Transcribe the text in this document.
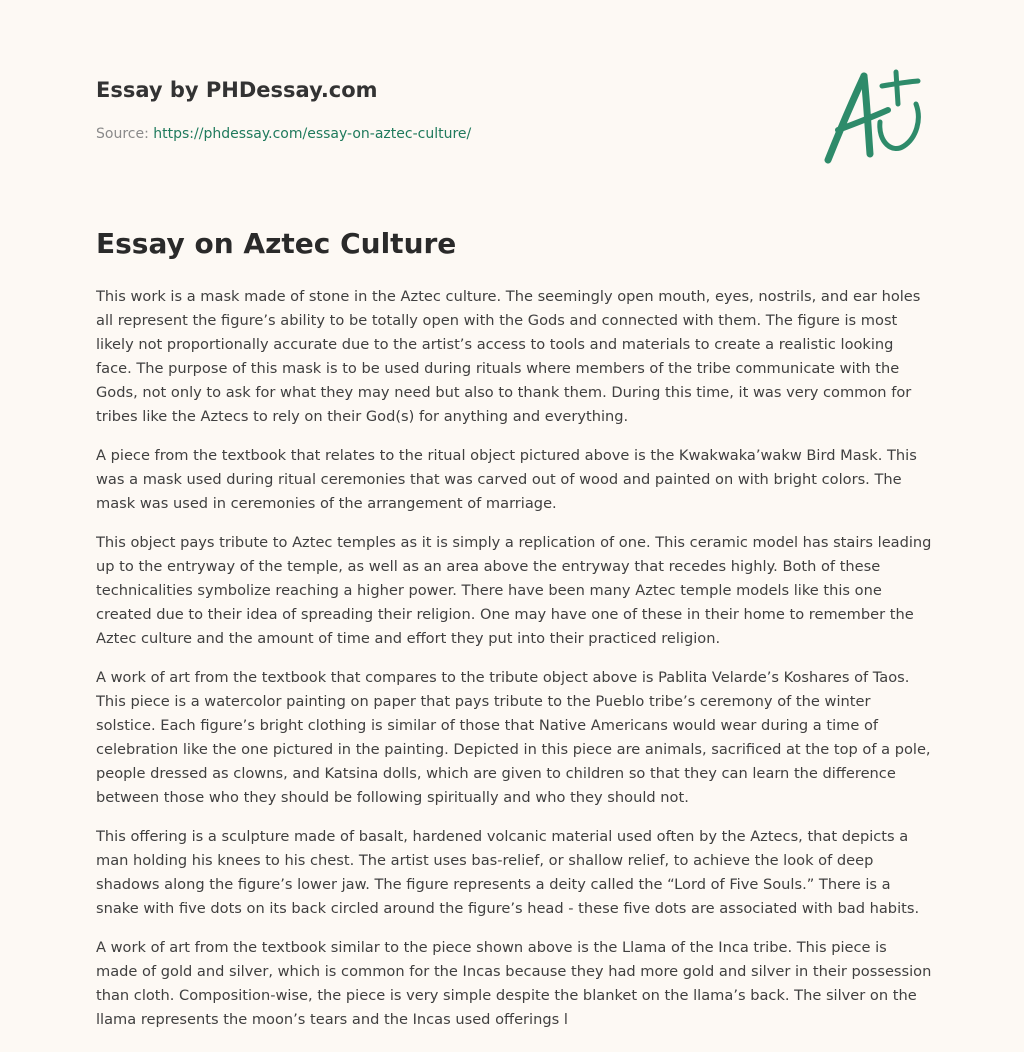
Essay by PHDessay.com
Source: https://phdessay.com/essay-on-aztec-culture/
Essay on Aztec Culture

This work is a mask made of stone in the Aztec culture. The seemingly open mouth, eyes, nostrils, and ear holes all represent the figure’s ability to be totally open with the Gods and connected with them. The figure is most likely not proportionally accurate due to the artist’s access to tools and materials to create a realistic looking face. The purpose of this mask is to be used during rituals where members of the tribe communicate with the Gods, not only to ask for what they may need but also to thank them. During this time, it was very common for tribes like the Aztecs to rely on their God(s) for anything and everything.

A piece from the textbook that relates to the ritual object pictured above is the Kwakwaka’wakw Bird Mask. This was a mask used during ritual ceremonies that was carved out of wood and painted on with bright colors. The mask was used in ceremonies of the arrangement of marriage.

This object pays tribute to Aztec temples as it is simply a replication of one. This ceramic model has stairs leading up to the entryway of the temple, as well as an area above the entryway that recedes highly. Both of these technicalities symbolize reaching a higher power. There have been many Aztec temple models like this one created due to their idea of spreading their religion. One may have one of these in their home to remember the Aztec culture and the amount of time and effort they put into their practiced religion.

A work of art from the textbook that compares to the tribute object above is Pablita Velarde’s Koshares of Taos. This piece is a watercolor painting on paper that pays tribute to the Pueblo tribe’s ceremony of the winter solstice. Each figure’s bright clothing is similar of those that Native Americans would wear during a time of celebration like the one pictured in the painting. Depicted in this piece are animals, sacrificed at the top of a pole, people dressed as clowns, and Katsina dolls, which are given to children so that they can learn the difference between those who they should be following spiritually and who they should not.

This offering is a sculpture made of basalt, hardened volcanic material used often by the Aztecs, that depicts a man holding his knees to his chest. The artist uses bas-relief, or shallow relief, to achieve the look of deep shadows along the figure’s lower jaw. The figure represents a deity called the “Lord of Five Souls.” There is a snake with five dots on its back circled around the figure’s head - these five dots are associated with bad habits.

A work of art from the textbook similar to the piece shown above is the Llama of the Inca tribe. This piece is made of gold and silver, which is common for the Incas because they had more gold and silver in their possession than cloth. Composition-wise, the piece is very simple despite the blanket on the llama’s back. The silver on the llama represents the moon’s tears and the Incas used offerings l
